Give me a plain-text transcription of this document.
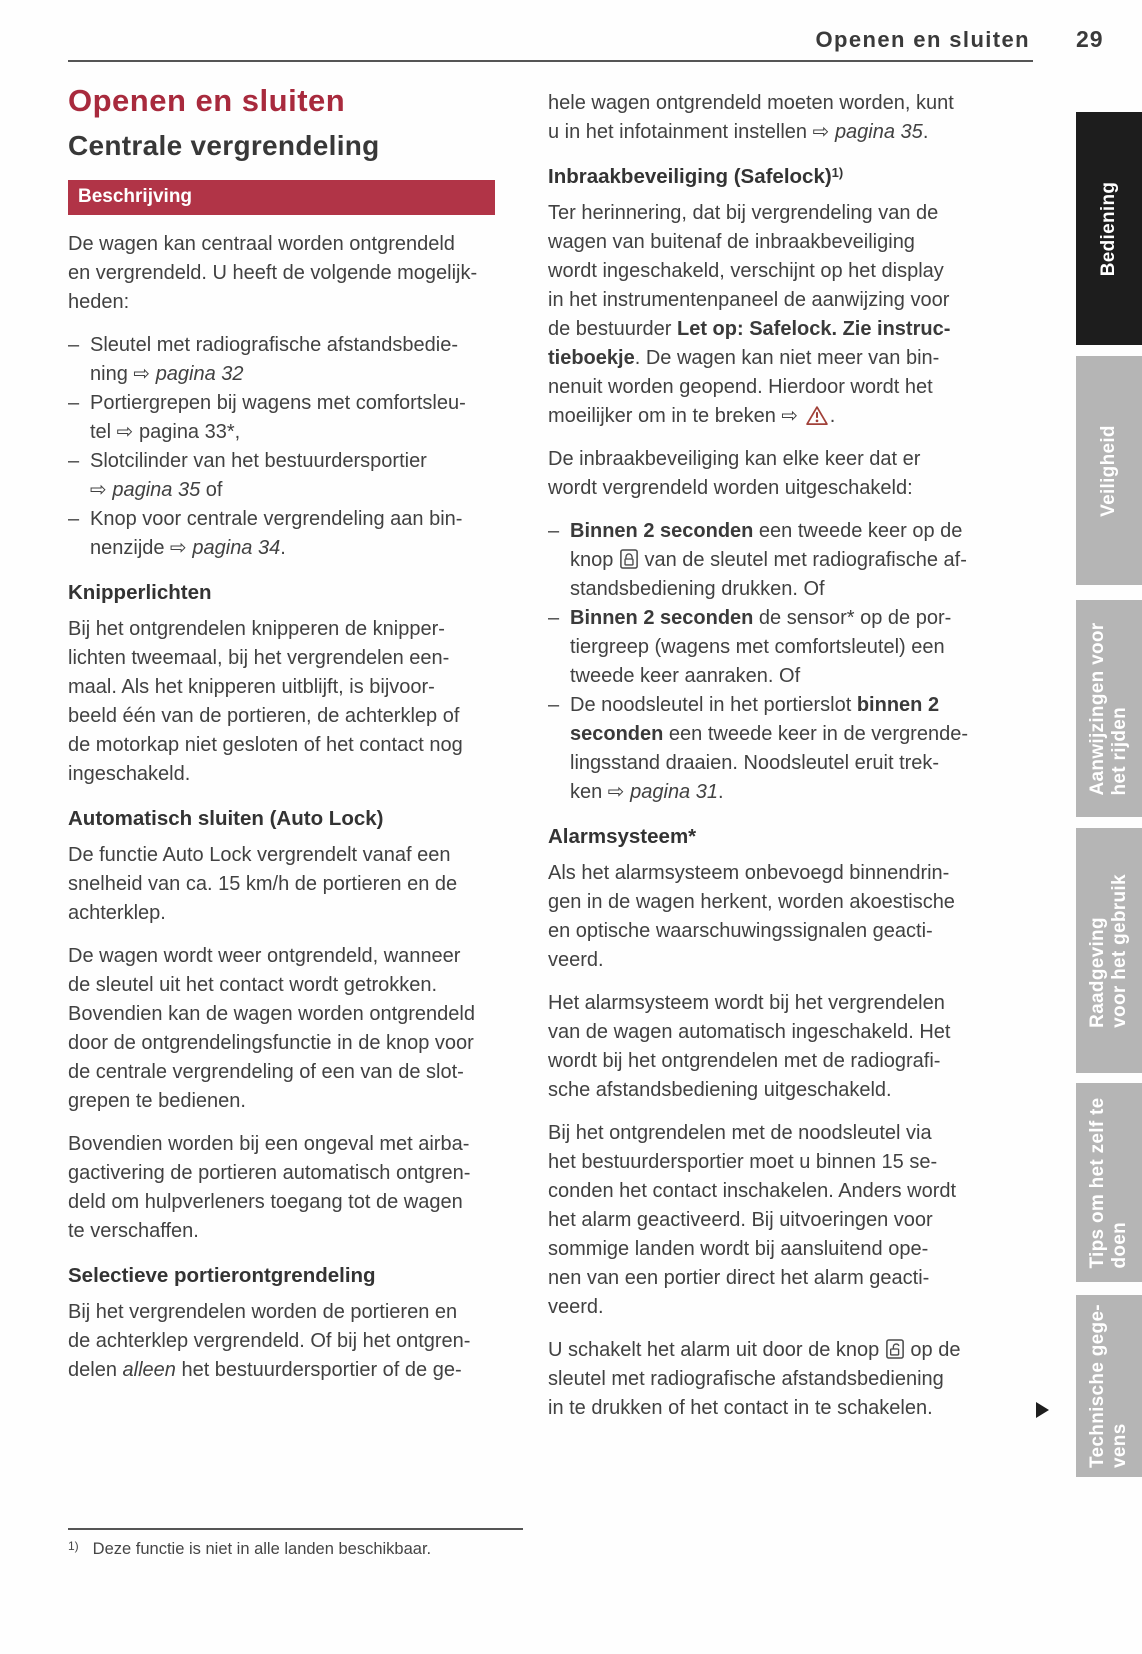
Openen en sluiten 29
Openen en sluiten
Centrale vergrendeling
Beschrijving

De wagen kan centraal worden ontgrendeld
en vergrendeld. U heeft de volgende mogelijk-
heden:

– Sleutel met radiografische afstandsbedie-
ning ⇨ pagina 32
– Portiergrepen bij wagens met comfortsleu-
tel ⇨ pagina 33*,
– Slotcilinder van het bestuurdersportier
⇨ pagina 35 of
– Knop voor centrale vergrendeling aan bin-
nenzijde ⇨ pagina 34.
Knipperlichten

Bij het ontgrendelen knipperen de knipper-
lichten tweemaal, bij het vergrendelen een-
maal. Als het knipperen uitblijft, is bijvoor-
beeld één van de portieren, de achterklep of
de motorkap niet gesloten of het contact nog
ingeschakeld.

Automatisch sluiten (Auto Lock)

De functie Auto Lock vergrendelt vanaf een
snelheid van ca. 15 km/h de portieren en de
achterklep.

De wagen wordt weer ontgrendeld, wanneer
de sleutel uit het contact wordt getrokken.
Bovendien kan de wagen worden ontgrendeld
door de ontgrendelingsfunctie in de knop voor
de centrale vergrendeling of een van de slot-
grepen te bedienen.

Bovendien worden bij een ongeval met airba-
gactivering de portieren automatisch ontgren-
deld om hulpverleners toegang tot de wagen
te verschaffen.

Selectieve portierontgrendeling

Bij het vergrendelen worden de portieren en
de achterklep vergrendeld. Of bij het ontgren-
delen alleen het bestuurdersportier of de ge-

hele wagen ontgrendeld moeten worden, kunt
u in het infotainment instellen ⇨ pagina 35.

Inbraakbeveiliging (Safelock)$^{1)}$

Ter herinnering, dat bij vergrendeling van de
wagen van buitenaf de inbraakbeveiliging
wordt ingeschakeld, verschijnt op het display
in het instrumentenpaneel de aanwijzing voor
de bestuurder Let op: Safelock. Zie instruc-
tieboekje. De wagen kan niet meer van bin-
nenuit worden geopend. Hierdoor wordt het
moeilijker om in te breken ⇨ .

De inbraakbeveiliging kan elke keer dat er
wordt vergrendeld worden uitgeschakeld:

– Binnen 2 seconden een tweede keer op de
knop  van de sleutel met radiografische af-
standsbediening drukken. Of
– Binnen 2 seconden de sensor* op de por-
tiergreep (wagens met comfortsleutel) een
tweede keer aanraken. Of
– De noodsleutel in het portierslot binnen 2
seconden een tweede keer in de vergrende-
lingsstand draaien. Noodsleutel eruit trek-
ken ⇨ pagina 31.
Alarmsysteem*

Als het alarmsysteem onbevoegd binnendrin-
gen in de wagen herkent, worden akoestische
en optische waarschuwingssignalen geacti-
veerd.

Het alarmsysteem wordt bij het vergrendelen
van de wagen automatisch ingeschakeld. Het
wordt bij het ontgrendelen met de radiografi-
sche afstandsbediening uitgeschakeld.

Bij het ontgrendelen met de noodsleutel via
het bestuurdersportier moet u binnen 15 se-
conden het contact inschakelen. Anders wordt
het alarm geactiveerd. Bij uitvoeringen voor
sommige landen wordt bij aansluitend ope-
nen van een portier direct het alarm geacti-
veerd.

U schakelt het alarm uit door de knop  op de
sleutel met radiografische afstandsbediening
in te drukken of het contact in te schakelen.

$^{1)}$ Deze functie is niet in alle landen beschikbaar.
Bediening
Veiligheid
Aanwijzingen voor
het rijden
Raadgeving
voor het gebruik
Tips om het zelf te
doen
Technische gege-
vens
